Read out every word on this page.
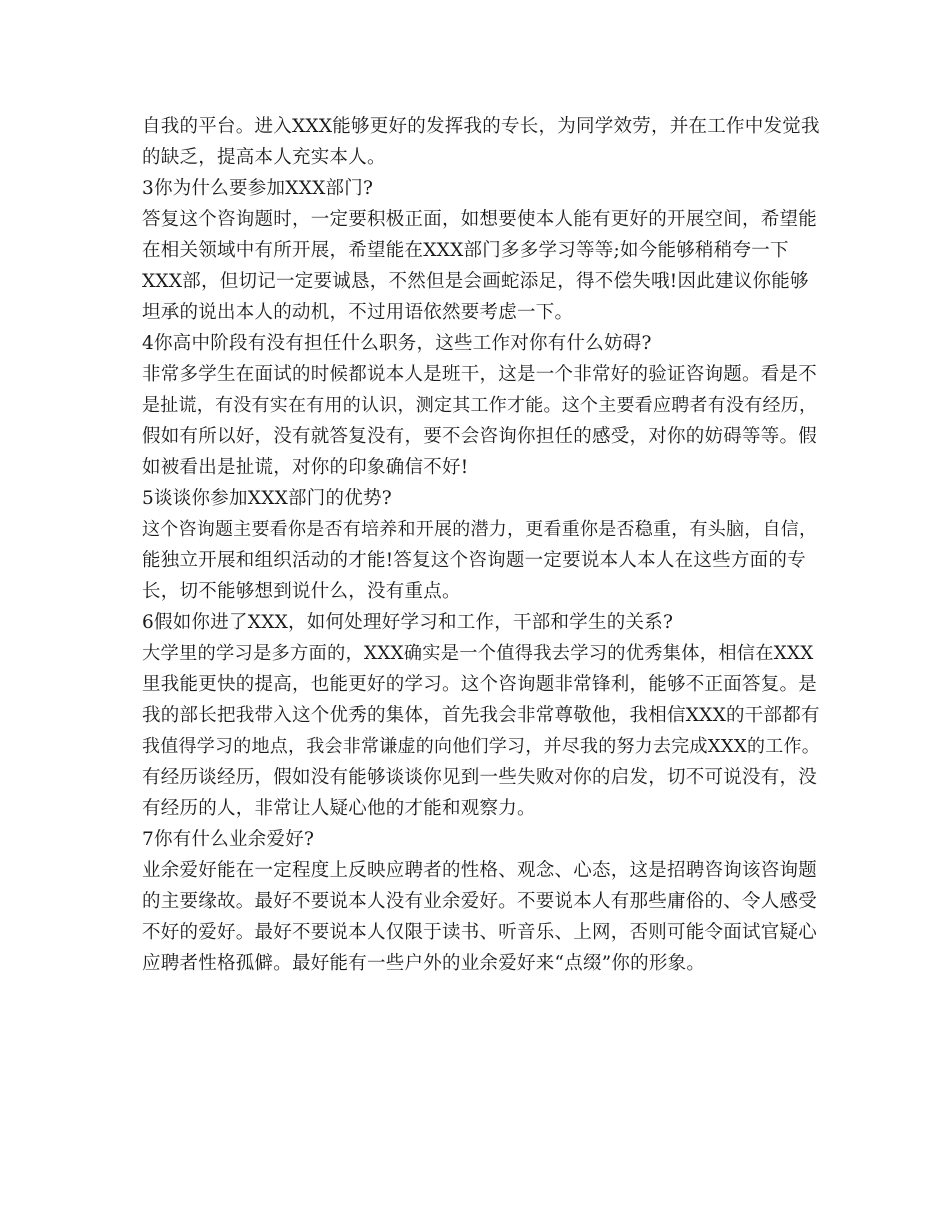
自我的平台。进入XXX能够更好的发挥我的专长，为同学效劳，并在工作中发觉我
的缺乏，提高本人充实本人。
3你为什么要参加XXX部门?
答复这个咨询题时，一定要积极正面，如想要使本人能有更好的开展空间，希望能
在相关领域中有所开展，希望能在XXX部门多多学习等等;如今能够稍稍夸一下
XXX部，但切记一定要诚恳，不然但是会画蛇添足，得不偿失哦!因此建议你能够
坦承的说出本人的动机，不过用语依然要考虑一下。
4你高中阶段有没有担任什么职务，这些工作对你有什么妨碍?
非常多学生在面试的时候都说本人是班干，这是一个非常好的验证咨询题。看是不
是扯谎，有没有实在有用的认识，测定其工作才能。这个主要看应聘者有没有经历，
假如有所以好，没有就答复没有，要不会咨询你担任的感受，对你的妨碍等等。假
如被看出是扯谎，对你的印象确信不好!
5谈谈你参加XXX部门的优势?
这个咨询题主要看你是否有培养和开展的潜力，更看重你是否稳重，有头脑，自信，
能独立开展和组织活动的才能!答复这个咨询题一定要说本人本人在这些方面的专
长，切不能够想到说什么，没有重点。
6假如你进了XXX，如何处理好学习和工作，干部和学生的关系?
大学里的学习是多方面的，XXX确实是一个值得我去学习的优秀集体，相信在XXX
里我能更快的提高，也能更好的学习。这个咨询题非常锋利，能够不正面答复。是
我的部长把我带入这个优秀的集体，首先我会非常尊敬他，我相信XXX的干部都有
我值得学习的地点，我会非常谦虚的向他们学习，并尽我的努力去完成XXX的工作。
有经历谈经历，假如没有能够谈谈你见到一些失败对你的启发，切不可说没有，没
有经历的人，非常让人疑心他的才能和观察力。
7你有什么业余爱好?
业余爱好能在一定程度上反映应聘者的性格、观念、心态，这是招聘咨询该咨询题
的主要缘故。最好不要说本人没有业余爱好。不要说本人有那些庸俗的、令人感受
不好的爱好。最好不要说本人仅限于读书、听音乐、上网，否则可能令面试官疑心
应聘者性格孤僻。最好能有一些户外的业余爱好来“点缀”你的形象。
